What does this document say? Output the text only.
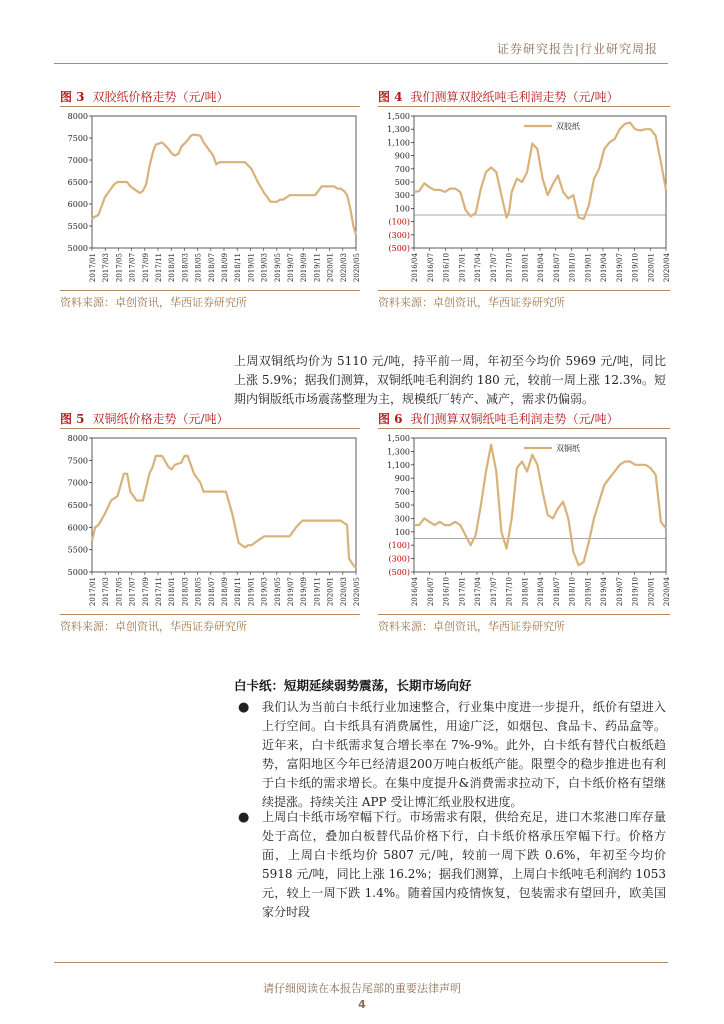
证券研究报告|行业研究周报
图 3 双胶纸价格走势（元/吨）
8000
7500
7000
6500
6000
5500
5000
2017/01 2017/03 2017/05 2017/07 2017/09 2017/11 2018/01 2018/03 2018/05 2018/07 2018/09 2018/11 2019/01 2019/03 2019/05 2019/07 2019/09 2019/11 2020/01 2020/03 2020/05
资料来源：卓创资讯，华西证券研究所
图 4 我们测算双胶纸吨毛利润走势（元/吨）
1,500
1,300
1,100
900
700
500
300
100
(100)
(300)
(500)
2016/04 2016/07 2016/10 2017/01 2017/04 2017/07 2017/10 2018/01 2018/04 2018/07 2018/10 2019/01 2019/04 2019/07 2019/10 2020/01 2020/04
双胶纸
资料来源：卓创资讯，华西证券研究所
上周双铜纸均价为 5110 元/吨，持平前一周，年初至今均价 5969 元/吨，同比上涨 5.9%；据我们测算，双铜纸吨毛利润约 180 元，较前一周上涨 12.3%。短期内铜版纸市场震荡整理为主，规模纸厂转产、减产，需求仍偏弱。
图 5 双铜纸价格走势（元/吨）
8000
7500
7000
6500
6000
5500
5000
2017/01 2017/03 2017/05 2017/07 2017/09 2017/11 2018/01 2018/03 2018/05 2018/07 2018/09 2018/11 2019/01 2019/03 2019/05 2019/07 2019/09 2019/11 2020/01 2020/03 2020/05
资料来源：卓创资讯，华西证券研究所
图 6 我们测算双铜纸吨毛利润走势（元/吨）
1,500
1,300
1,100
900
700
500
300
100
(100)
(300)
(500)
2016/04 2016/07 2016/10 2017/01 2017/04 2017/07 2017/10 2018/01 2018/04 2018/07 2018/10 2019/01 2019/04 2019/07 2019/10 2020/01 2020/04
双铜纸
资料来源：卓创资讯，华西证券研究所
白卡纸：短期延续弱势震荡，长期市场向好
● 我们认为当前白卡纸行业加速整合，行业集中度进一步提升，纸价有望进入上行空间。白卡纸具有消费属性，用途广泛，如烟包、食品卡、药品盒等。近年来，白卡纸需求复合增长率在 7%-9%。此外，白卡纸有替代白板纸趋势，富阳地区今年已经清退200万吨白板纸产能。限塑令的稳步推进也有利于白卡纸的需求增长。在集中度提升&消费需求拉动下，白卡纸价格有望继续提涨。持续关注 APP 受让博汇纸业股权进度。
● 上周白卡纸市场窄幅下行。市场需求有限，供给充足，进口木浆港口库存量处于高位，叠加白板替代品价格下行，白卡纸价格承压窄幅下行。价格方面，上周白卡纸均价 5807 元/吨，较前一周下跌 0.6%，年初至今均价 5918 元/吨，同比上涨 16.2%；据我们测算，上周白卡纸吨毛利润约 1053 元，较上一周下跌 1.4%。随着国内疫情恢复，包装需求有望回升，欧美国家分时段
请仔细阅读在本报告尾部的重要法律声明
4
